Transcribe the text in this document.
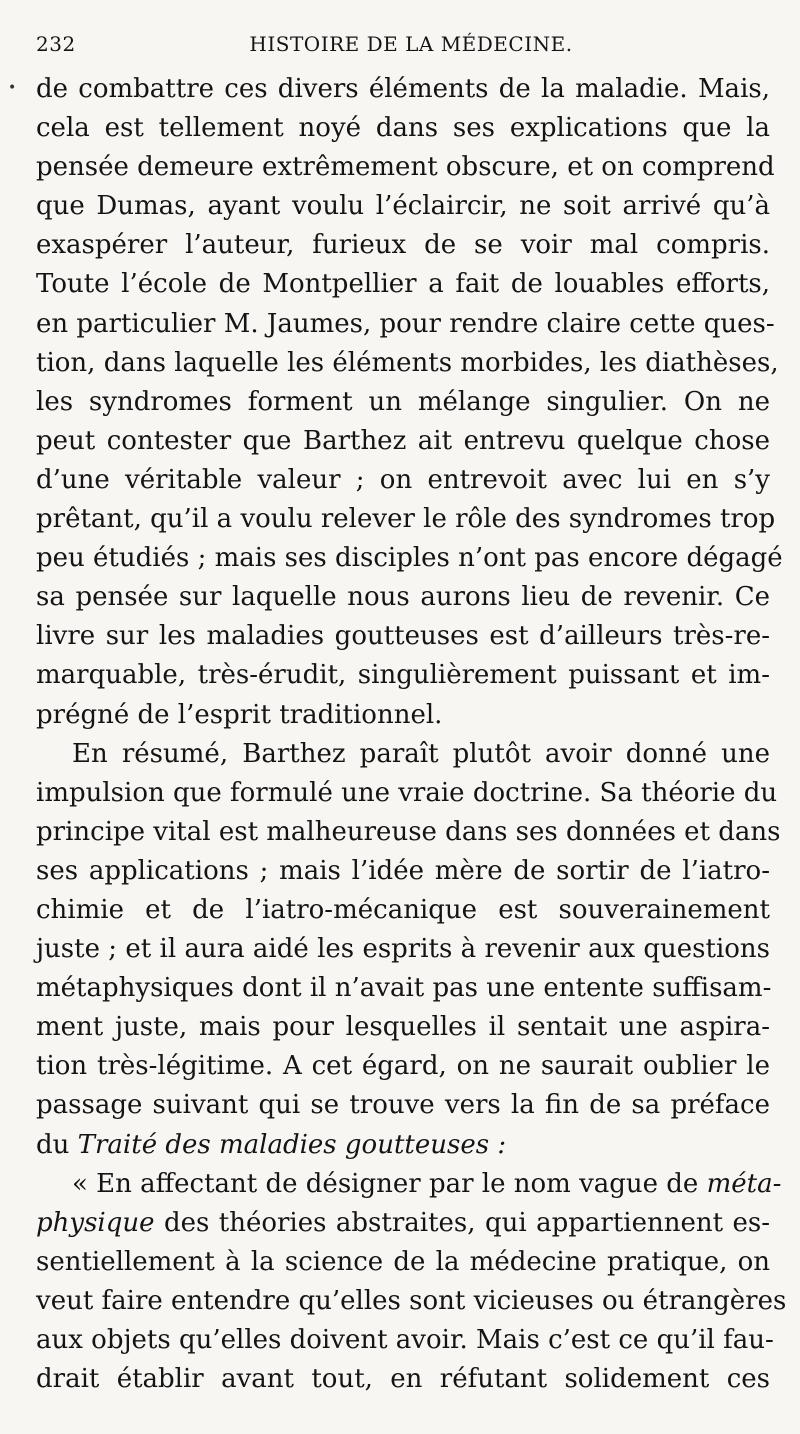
•
232	HISTOIRE DE LA MÉDECINE.
de combattre ces divers éléments de la maladie. Mais,
cela est tellement noyé dans ses explications que la
pensée demeure extrêmement obscure, et on comprend
que Dumas, ayant voulu l’éclaircir, ne soit arrivé qu’à
exaspérer l’auteur, furieux de se voir mal compris.
Toute l’école de Montpellier a fait de louables efforts,
en particulier M. Jaumes, pour rendre claire cette ques-
tion, dans laquelle les éléments morbides, les diathèses,
les syndromes forment un mélange singulier. On ne
peut contester que Barthez ait entrevu quelque chose
d’une véritable valeur ; on entrevoit avec lui en s’y
prêtant, qu’il a voulu relever le rôle des syndromes trop
peu étudiés ; mais ses disciples n’ont pas encore dégagé
sa pensée sur laquelle nous aurons lieu de revenir. Ce
livre sur les maladies goutteuses est d’ailleurs très-re-
marquable, très-érudit, singulièrement puissant et im-
prégné de l’esprit traditionnel.
En résumé, Barthez paraît plutôt avoir donné une
impulsion que formulé une vraie doctrine. Sa théorie du
principe vital est malheureuse dans ses données et dans
ses applications ; mais l’idée mère de sortir de l’iatro-
chimie et de l’iatro-mécanique est souverainement
juste ; et il aura aidé les esprits à revenir aux questions
métaphysiques dont il n’avait pas une entente suffisam-
ment juste, mais pour lesquelles il sentait une aspira-
tion très-légitime. A cet égard, on ne saurait oublier le
passage suivant qui se trouve vers la fin de sa préface
du Traité des maladies goutteuses :
« En affectant de désigner par le nom vague de méta-
physique des théories abstraites, qui appartiennent es-
sentiellement à la science de la médecine pratique, on
veut faire entendre qu’elles sont vicieuses ou étrangères
aux objets qu’elles doivent avoir. Mais c’est ce qu’il fau-
drait établir avant tout, en réfutant solidement ces
